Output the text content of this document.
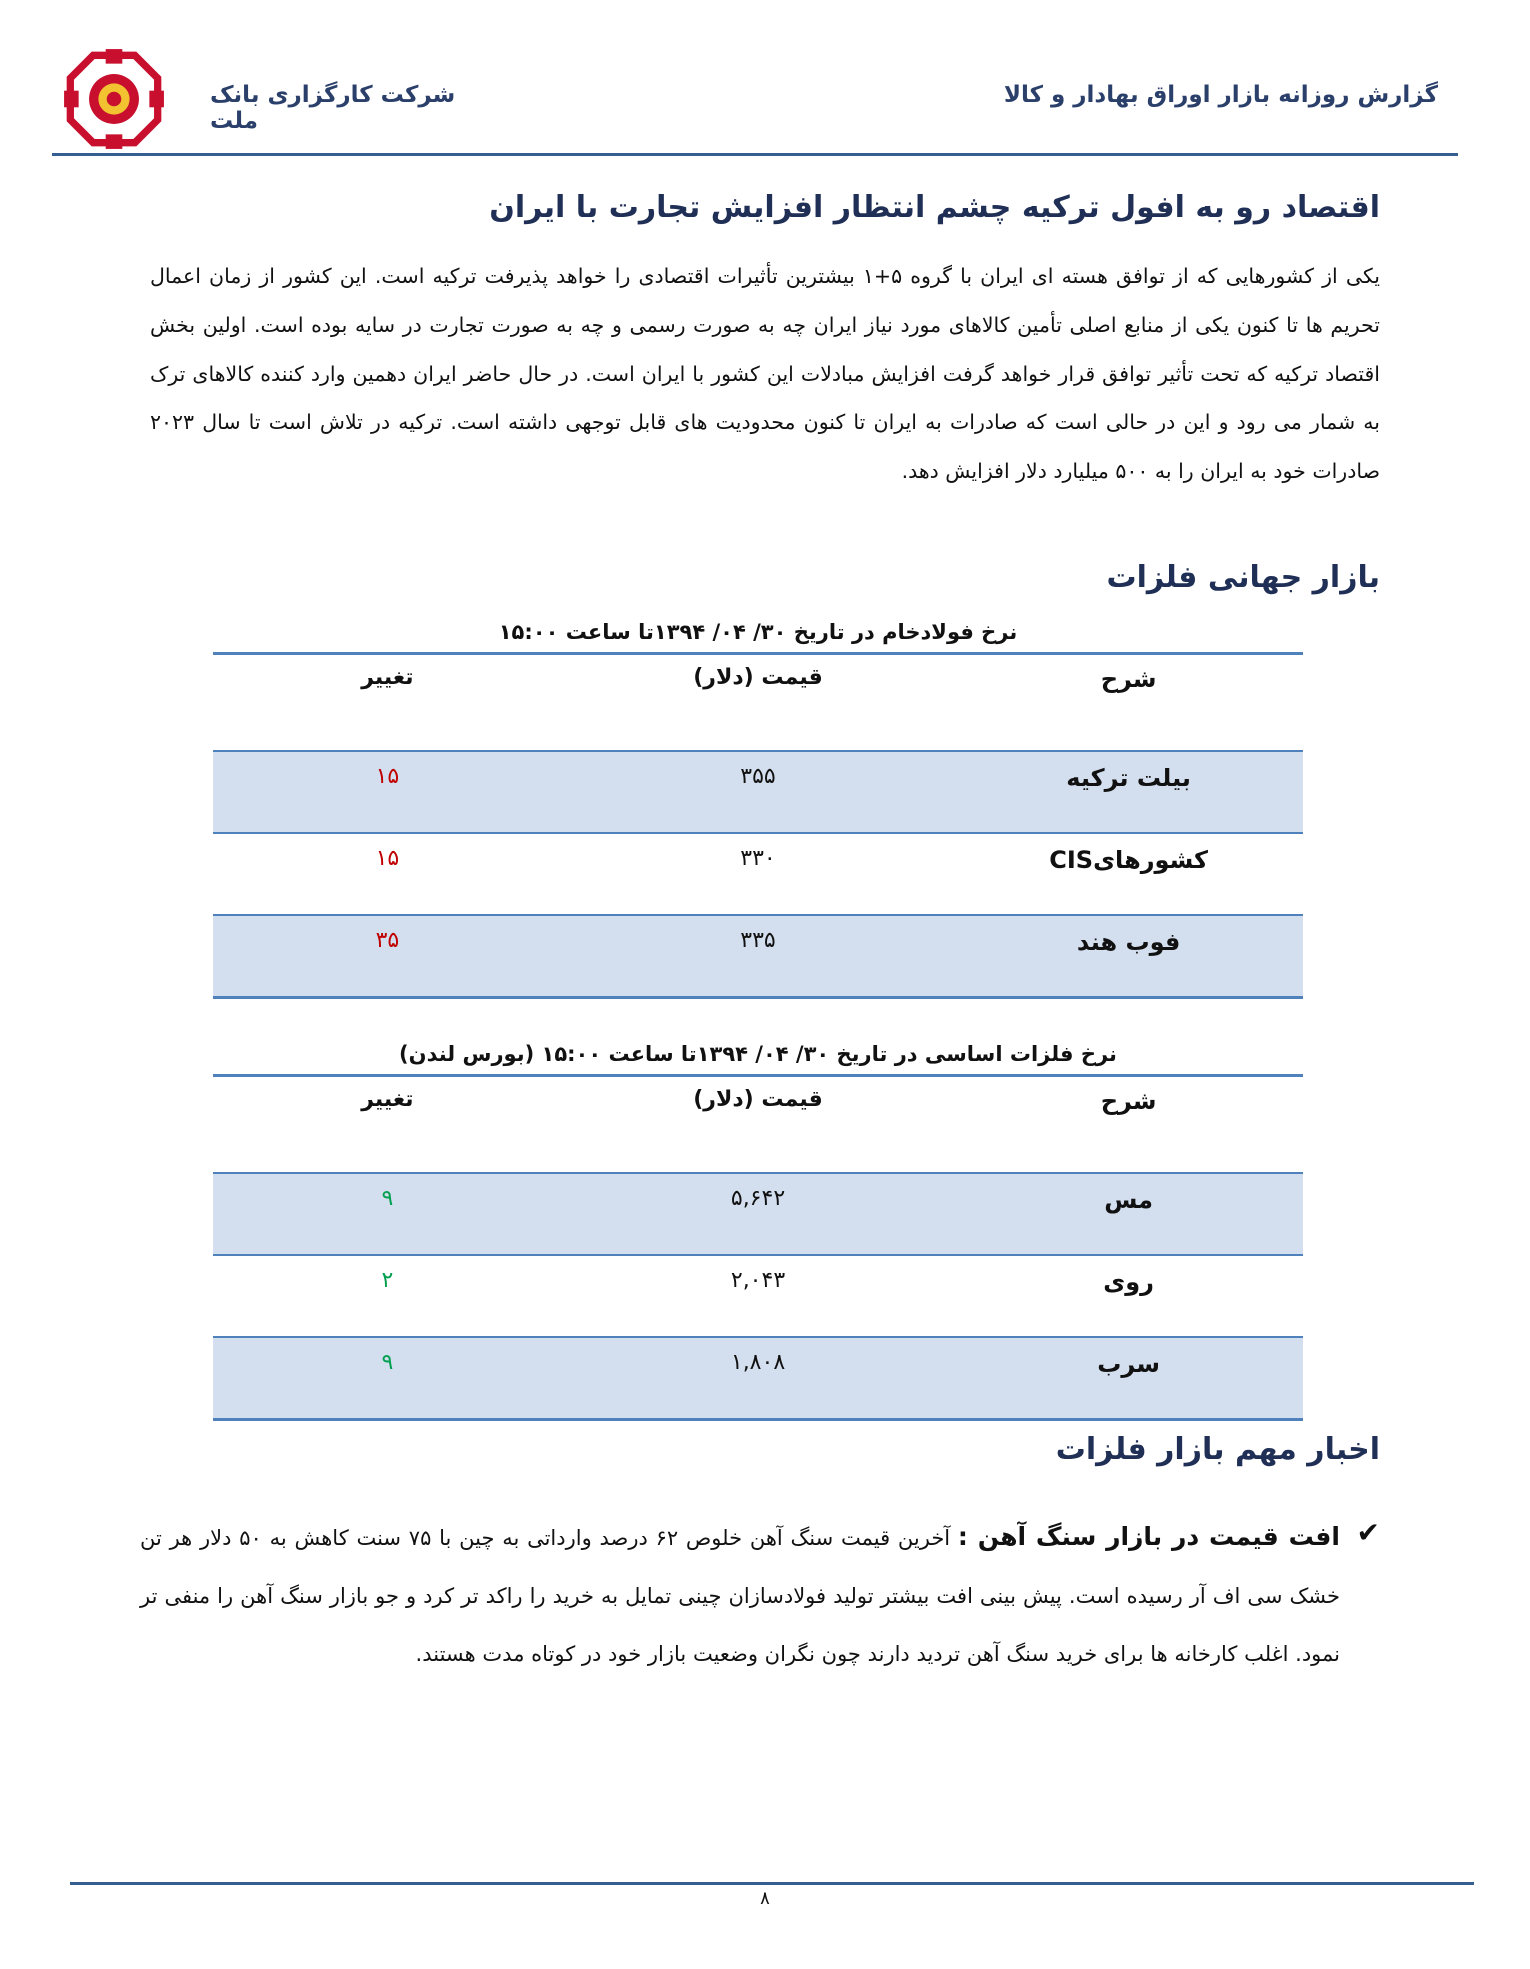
گزارش روزانه بازار اوراق بهادار و کالا
شرکت کارگزاری بانک ملت
اقتصاد رو به افول ترکیه چشم انتظار افزایش تجارت با ایران
یکی از کشورهایی که از توافق هسته ای ایران با گروه ۵+۱ بیشترین تأثیرات اقتصادی را خواهد پذیرفت ترکیه است. این کشور از زمان اعمال تحریم ها تا کنون یکی از منابع اصلی تأمین کالاهای مورد نیاز ایران چه به صورت رسمی و چه به صورت تجارت در سایه بوده است. اولین بخش اقتصاد ترکیه که تحت تأثیر توافق قرار خواهد گرفت افزایش مبادلات این کشور با ایران است. در حال حاضر ایران دهمین وارد کننده کالاهای ترک به شمار می رود و این در حالی است که صادرات به ایران تا کنون محدودیت های قابل توجهی داشته است. ترکیه در تلاش است تا سال ۲۰۲۳ صادرات خود به ایران را به ۵۰۰ میلیارد دلار افزایش دهد.
بازار جهانی فلزات
نرخ فولادخام در تاریخ ۳۰/ ۰۴/ ۱۳۹۴تا ساعت ۱۵:۰۰
شرح	قیمت (دلار)	تغییر
بیلت ترکیه	۳۵۵	۱۵
کشورهایCIS	۳۳۰	۱۵
فوب هند	۳۳۵	۳۵
نرخ فلزات اساسی در تاریخ ۳۰/ ۰۴/ ۱۳۹۴تا ساعت ۱۵:۰۰ (بورس لندن)
شرح	قیمت (دلار)	تغییر
مس	۵,۶۴۲	۹
روی	۲,۰۴۳	۲
سرب	۱,۸۰۸	۹
اخبار مهم بازار فلزات
✔
افت قیمت در بازار سنگ آهن : آخرین قیمت سنگ آهن خلوص ۶۲ درصد وارداتی به چین با ۷۵ سنت کاهش به ۵۰ دلار هر تن خشک سی اف آر رسیده است. پیش بینی افت بیشتر تولید فولادسازان چینی تمایل به خرید را راکد تر کرد و جو بازار سنگ آهن را منفی تر نمود. اغلب کارخانه ها برای خرید سنگ آهن تردید دارند چون نگران وضعیت بازار خود در کوتاه مدت هستند.
۸
